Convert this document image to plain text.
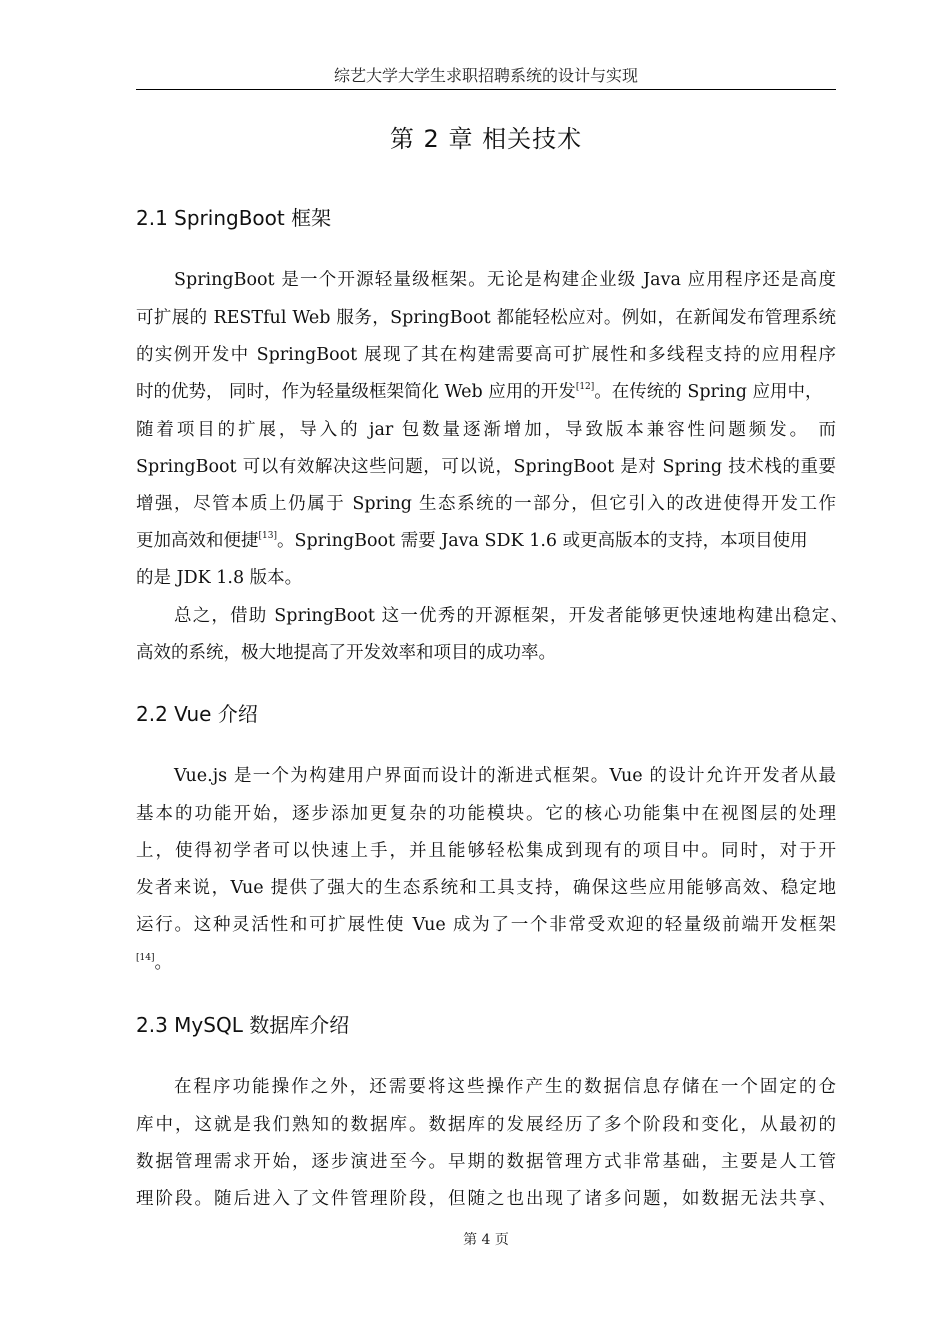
综艺大学大学生求职招聘系统的设计与实现
第 2 章 相关技术
2.1 SpringBoot 框架
SpringBoot 是一个开源轻量级框架。无论是构建企业级 Java 应用程序还是高度
可扩展的 RESTful Web 服务，SpringBoot 都能轻松应对。例如，在新闻发布管理系统
的实例开发中 SpringBoot 展现了其在构建需要高可扩展性和多线程支持的应用程序
时的优势， 同时，作为轻量级框架简化 Web 应用的开发[12]。在传统的 Spring 应用中，
随着项目的扩展，导入的 jar 包数量逐渐增加，导致版本兼容性问题频发。 而
SpringBoot 可以有效解决这些问题，可以说，SpringBoot 是对 Spring 技术栈的重要
增强，尽管本质上仍属于 Spring 生态系统的一部分，但它引入的改进使得开发工作
更加高效和便捷[13]。SpringBoot 需要 Java SDK 1.6 或更高版本的支持，本项目使用
的是 JDK 1.8 版本。
总之，借助 SpringBoot 这一优秀的开源框架，开发者能够更快速地构建出稳定、
高效的系统，极大地提高了开发效率和项目的成功率。
2.2 Vue 介绍
Vue.js 是一个为构建用户界面而设计的渐进式框架。Vue 的设计允许开发者从最
基本的功能开始，逐步添加更复杂的功能模块。它的核心功能集中在视图层的处理
上，使得初学者可以快速上手，并且能够轻松集成到现有的项目中。同时，对于开
发者来说，Vue 提供了强大的生态系统和工具支持，确保这些应用能够高效、稳定地
运行。这种灵活性和可扩展性使 Vue 成为了一个非常受欢迎的轻量级前端开发框架
[14]。
2.3 MySQL 数据库介绍
在程序功能操作之外，还需要将这些操作产生的数据信息存储在一个固定的仓
库中，这就是我们熟知的数据库。数据库的发展经历了多个阶段和变化，从最初的
数据管理需求开始，逐步演进至今。早期的数据管理方式非常基础，主要是人工管
理阶段。随后进入了文件管理阶段，但随之也出现了诸多问题，如数据无法共享、
第 4 页
